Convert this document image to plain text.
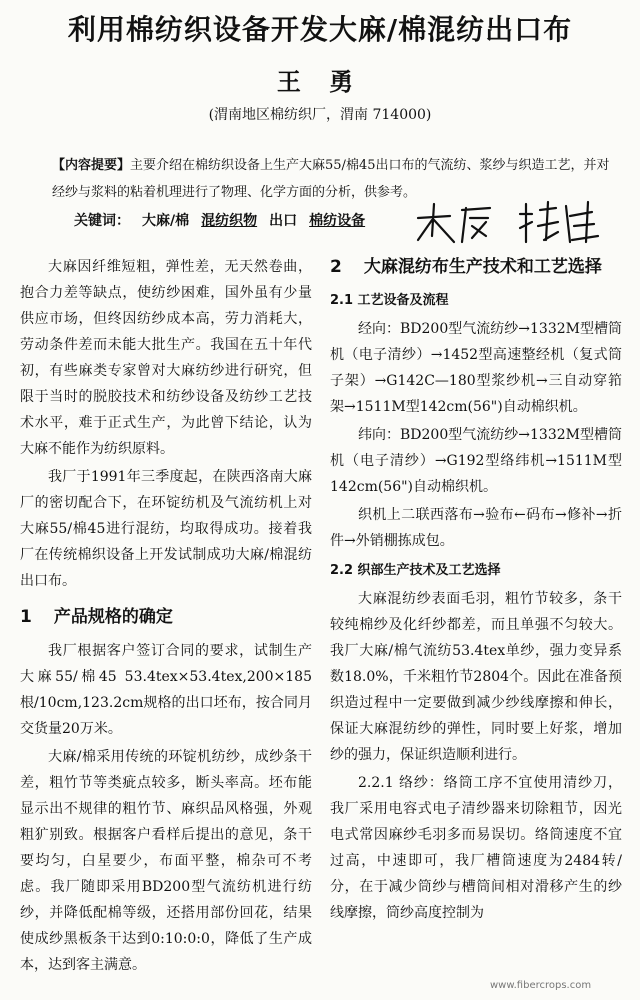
利用棉纺织设备开发大麻/棉混纺出口布
王 勇
(渭南地区棉纺织厂，渭南 714000)
【内容提要】主要介绍在棉纺织设备上生产大麻55/棉45出口布的气流纺、浆纱与织造工艺，并对经纱与浆料的粘着机理进行了物理、化学方面的分析，供参考。
关键词： 大麻/棉 混纺织物 出口 棉纺设备

大麻因纤维短粗，弹性差，无天然卷曲，抱合力差等缺点，使纺纱困难，国外虽有少量供应市场，但终因纺纱成本高，劳力消耗大，劳动条件差而未能大批生产。我国在五十年代初，有些麻类专家曾对大麻纺纱进行研究，但限于当时的脱胶技术和纺纱设备及纺纱工艺技术水平，难于正式生产，为此曾下结论，认为大麻不能作为纺织原料。

我厂于1991年三季度起，在陕西洛南大麻厂的密切配合下，在环锭纺机及气流纺机上对大麻55/棉45进行混纺，均取得成功。接着我厂在传统棉织设备上开发试制成功大麻/棉混纺出口布。

1 产品规格的确定

我厂根据客户签订合同的要求，试制生产大麻55/棉45 53.4tex×53.4tex,200×185根/10cm,123.2cm规格的出口坯布，按合同月交货量20万米。

大麻/棉采用传统的环锭机纺纱，成纱条干差，粗竹节等类疵点较多，断头率高。坯布能显示出不规律的粗竹节、麻织品风格强，外观粗犷别致。根据客户看样后提出的意见，条干要均匀，白星要少，布面平整，棉杂可不考虑。我厂随即采用BD200型气流纺机进行纺纱，并降低配棉等级，还搭用部份回花，结果使成纱黑板条干达到0:10:0:0，降低了生产成本，达到客主满意。

2 大麻混纺布生产技术和工艺选择
2.1 工艺设备及流程

经向：BD200型气流纺纱→1332M型槽筒机（电子清纱）→1452型高速整经机（复式筒子架）→G142C—180型浆纱机→三自动穿筘架→1511M型142cm(56")自动棉织机。

纬向：BD200型气流纺纱→1332M型槽筒机（电子清纱）→G192型络纬机→1511M型142cm(56")自动棉织机。

织机上二联西落布→验布←码布→修补→折件→外销棚拣成包。

2.2 织部生产技术及工艺选择

大麻混纺纱表面毛羽，粗竹节较多，条干较纯棉纱及化纤纱都差，而且单强不匀较大。我厂大麻/棉气流纺53.4tex单纱，强力变异系数18.0%，千米粗竹节2804个。因此在准备预织造过程中一定要做到减少纱线摩擦和伸长，保证大麻混纺纱的弹性，同时要上好浆，增加纱的强力，保证织造顺利进行。

2.2.1 络纱：络筒工序不宜使用清纱刀，我厂采用电容式电子清纱器来切除粗节，因光电式常因麻纱毛羽多而易误切。络筒速度不宜过高，中速即可，我厂槽筒速度为2484转/分，在于减少筒纱与槽筒间相对滑移产生的纱线摩擦，筒纱高度控制为

www.fibercrops.com
